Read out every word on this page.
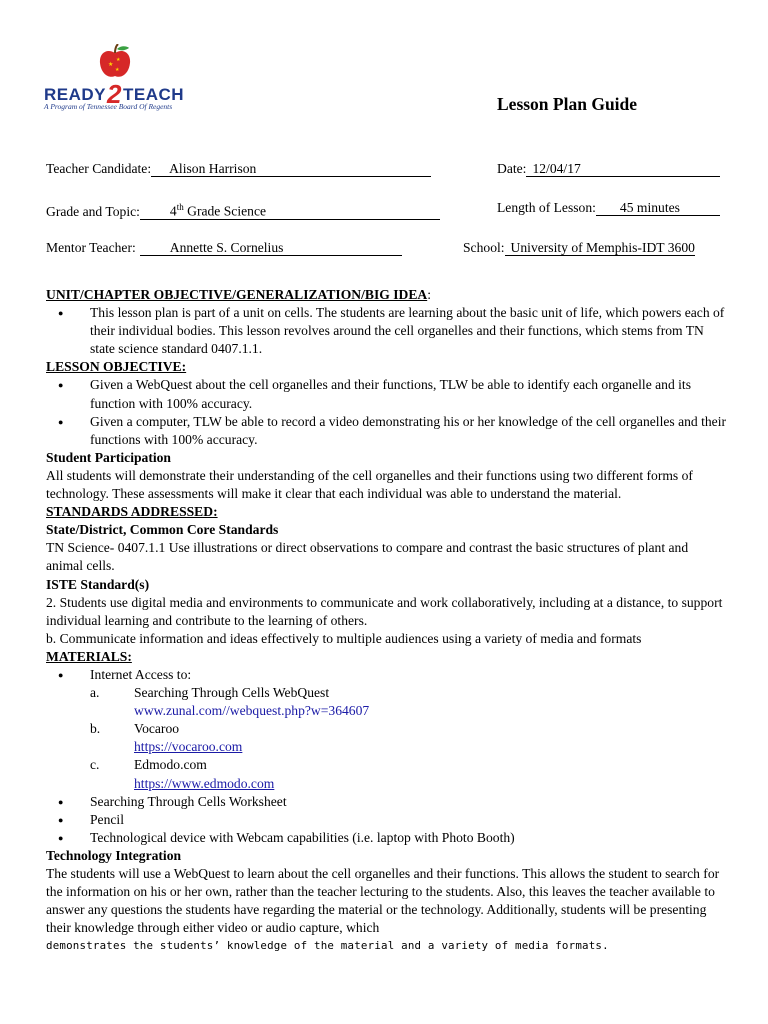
★
★
★
READY2TEACH
A Program of Tennessee Board Of Regents	Lesson Plan Guide
Teacher Candidate: Alison Harrison	Date: 12/04/17
Grade and Topic: 4th Grade Science	Length of Lesson: 45 minutes
Mentor Teacher:	Annette S. Cornelius	School: University of Memphis-IDT 3600
UNIT/CHAPTER OBJECTIVE/GENERALIZATION/BIG IDEA:
● This lesson plan is part of a unit on cells. The students are learning about the basic unit of life, which powers each of their individual bodies. This lesson revolves around the cell organelles and their functions, which stems from TN state science standard 0407.1.1.
LESSON OBJECTIVE:
● Given a WebQuest about the cell organelles and their functions, TLW be able to identify each organelle and its function with 100% accuracy.
● Given a computer, TLW be able to record a video demonstrating his or her knowledge of the cell organelles and their functions with 100% accuracy.
Student Participation

All students will demonstrate their understanding of the cell organelles and their functions using two different forms of technology. These assessments will make it clear that each individual was able to understand the material.

STANDARDS ADDRESSED:
State/District, Common Core Standards

TN Science- 0407.1.1 Use illustrations or direct observations to compare and contrast the basic structures of plant and animal cells.

ISTE Standard(s)

2. Students use digital media and environments to communicate and work collaboratively, including at a distance, to support individual learning and contribute to the learning of others.

b. Communicate information and ideas effectively to multiple audiences using a variety of media and formats

MATERIALS:
● Internet Access to:
a.	Searching Through Cells WebQuest
www.zunal.com//webquest.php?w=364607
b. Vocaroo
https://vocaroo.com
c.	Edmodo.com
https://www.edmodo.com
● Searching Through Cells Worksheet
● Pencil
● Technological device with Webcam capabilities (i.e. laptop with Photo Booth)
Technology Integration

The students will use a WebQuest to learn about the cell organelles and their functions. This allows the student to search for the information on his or her own, rather than the teacher lecturing to the students. Also, this leaves the teacher available to answer any questions the students have regarding the material or the technology. Additionally, students will be presenting their knowledge through either video or audio capture, which

demonstrates the students’ knowledge of the material and a variety of media formats.
